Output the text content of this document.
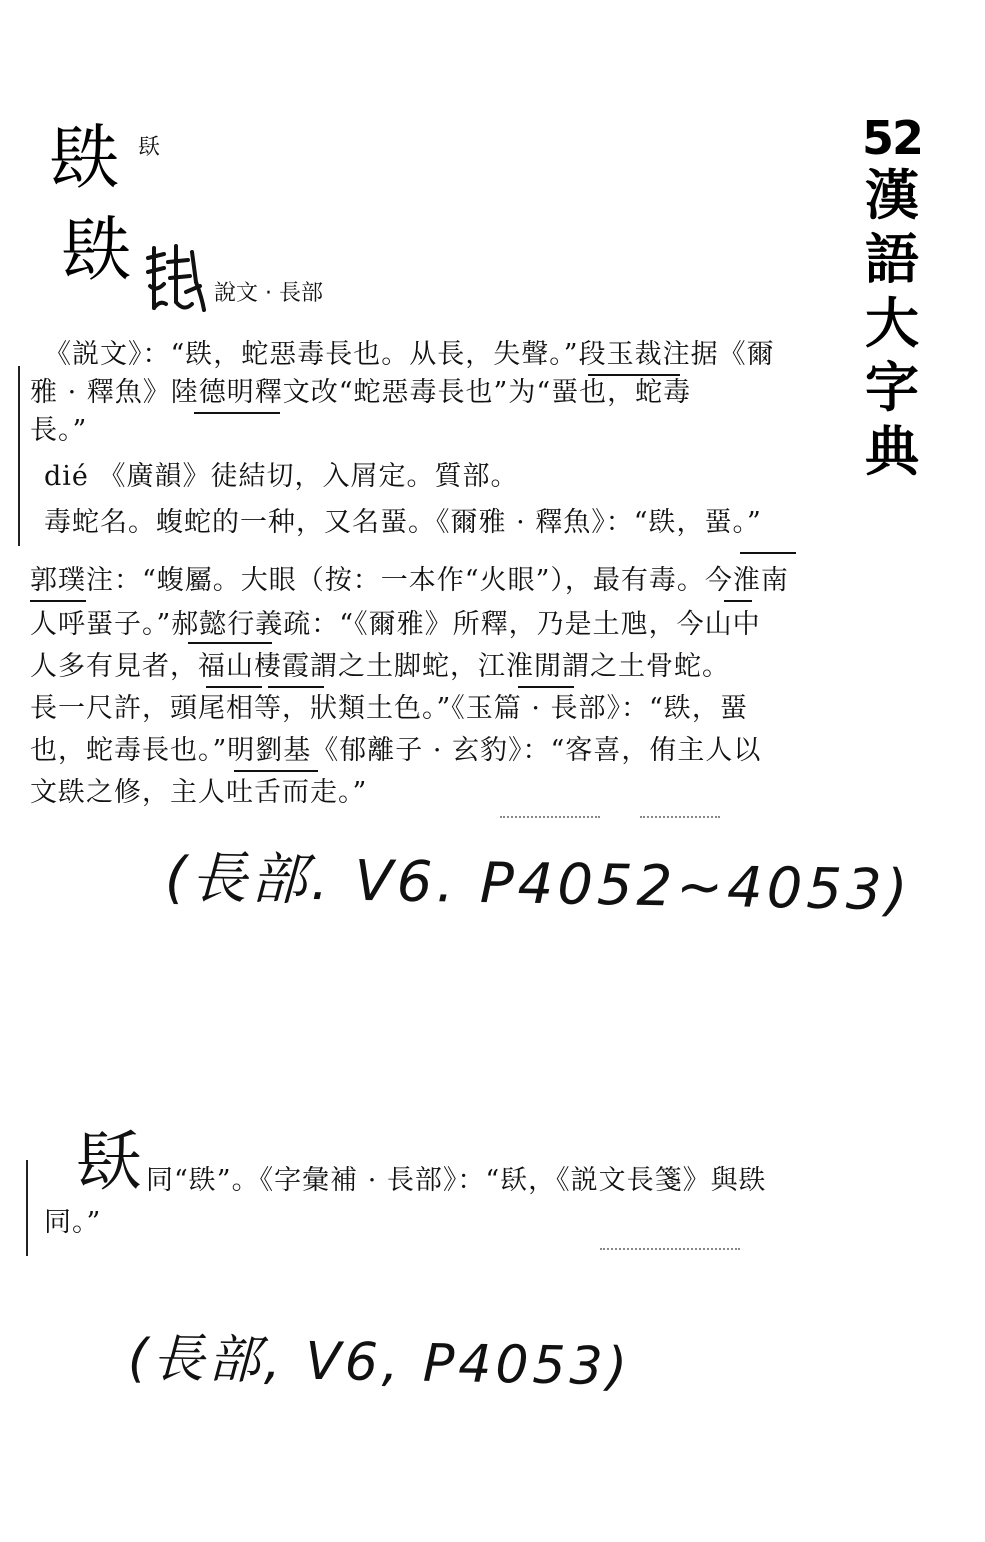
52
漢
語
大
字
典
镻 镺
镻
說文 · 長部
《説文》：“镻，蛇惡毒長也。从長，失聲。”段玉裁注据《爾
雅 · 釋魚》陸德明釋文改“蛇惡毒長也”为“蝁也，蛇毒
長。”
dié 《廣韻》徒結切，入屑定。質部。
毒蛇名。蝮蛇的一种，又名蝁。《爾雅 · 釋魚》：“镻，蝁。”
郭璞注：“蝮屬。大眼（按：一本作“火眼”），最有毒。今淮南
人呼蝁子。”郝懿行義疏：“《爾雅》所釋，乃是土虺，今山中
人多有見者，福山棲霞謂之土脚蛇，江淮閒謂之土骨蛇。
長一尺許，頭尾相等，狀類土色。”《玉篇 · 長部》：“镻，蝁
也，蛇毒長也。”明劉基《郁離子 · 玄豹》：“客喜，侑主人以
文镻之修，主人吐舌而走。”
(長部. V6. P4052~4053)
镺 同“镻”。《字彙補 · 長部》：“镺，《説文長箋》與镻
同。”
(長部, V6, P4053)
